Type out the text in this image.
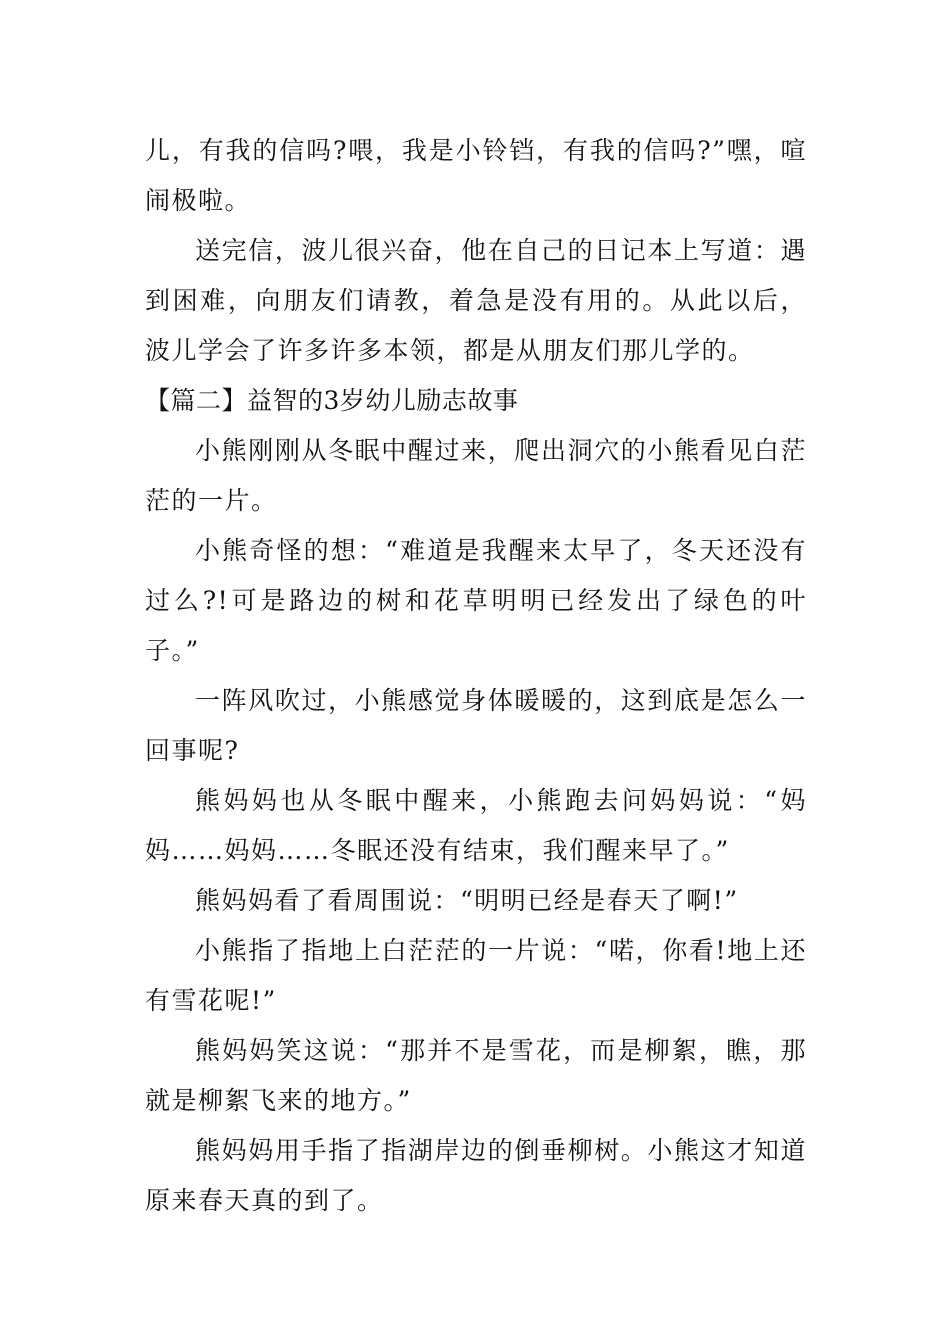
儿，有我的信吗?喂，我是小铃铛，有我的信吗?”嘿，喧闹极啦。

送完信，波儿很兴奋，他在自己的日记本上写道：遇到困难，向朋友们请教，着急是没有用的。从此以后，波儿学会了许多许多本领，都是从朋友们那儿学的。

【篇二】益智的3岁幼儿励志故事

小熊刚刚从冬眠中醒过来，爬出洞穴的小熊看见白茫茫的一片。

小熊奇怪的想：“难道是我醒来太早了，冬天还没有过么?!可是路边的树和花草明明已经发出了绿色的叶子。”

一阵风吹过，小熊感觉身体暖暖的，这到底是怎么一回事呢?

熊妈妈也从冬眠中醒来，小熊跑去问妈妈说：“妈妈……妈妈……冬眠还没有结束，我们醒来早了。”

熊妈妈看了看周围说：“明明已经是春天了啊!”

小熊指了指地上白茫茫的一片说：“喏，你看!地上还有雪花呢!”

熊妈妈笑这说：“那并不是雪花，而是柳絮，瞧，那就是柳絮飞来的地方。”

熊妈妈用手指了指湖岸边的倒垂柳树。小熊这才知道原来春天真的到了。
